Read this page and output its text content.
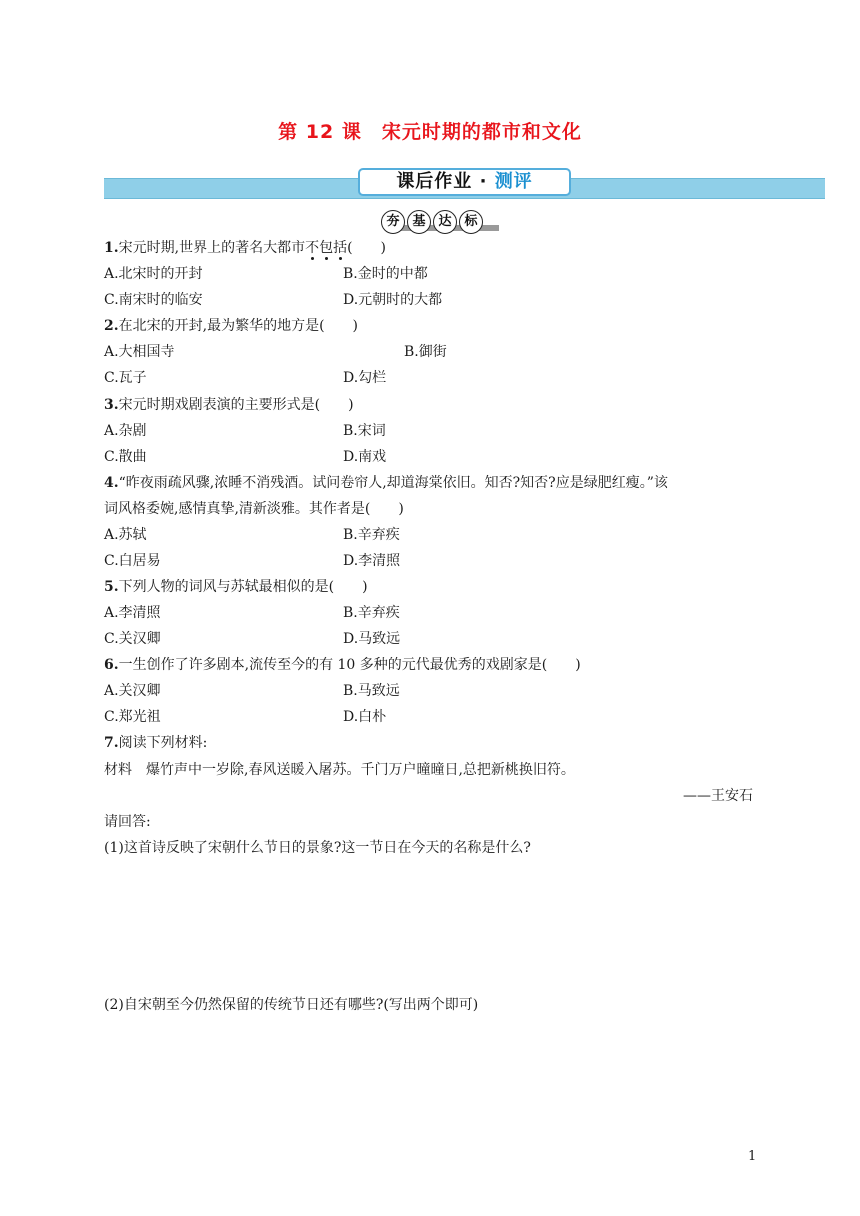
第 12 课　宋元时期的都市和文化
课后作业 · 测评
夯 基 达 标
1.宋元时期,世界上的著名大都市不包括(　　)
A.北宋时的开封	B.金时的中都
C.南宋时的临安	D.元朝时的大都
2.在北宋的开封,最为繁华的地方是(　　)
A.大相国寺	B.御街
C.瓦子	D.勾栏
3.宋元时期戏剧表演的主要形式是(　　)
A.杂剧	B.宋词
C.散曲	D.南戏
4.“昨夜雨疏风骤,浓睡不消残酒。试问卷帘人,却道海棠依旧。知否?知否?应是绿肥红瘦。”该
词风格委婉,感情真挚,清新淡雅。其作者是(　　)
A.苏轼	B.辛弃疾
C.白居易	D.李清照
5.下列人物的词风与苏轼最相似的是(　　)
A.李清照	B.辛弃疾
C.关汉卿	D.马致远
6.一生创作了许多剧本,流传至今的有 10 多种的元代最优秀的戏剧家是(　　)
A.关汉卿	B.马致远
C.郑光祖	D.白朴
7.阅读下列材料:
材料　爆竹声中一岁除,春风送暖入屠苏。千门万户曈曈日,总把新桃换旧符。
——王安石
请回答:
(1)这首诗反映了宋朝什么节日的景象?这一节日在今天的名称是什么?
(2)自宋朝至今仍然保留的传统节日还有哪些?(写出两个即可)
1
